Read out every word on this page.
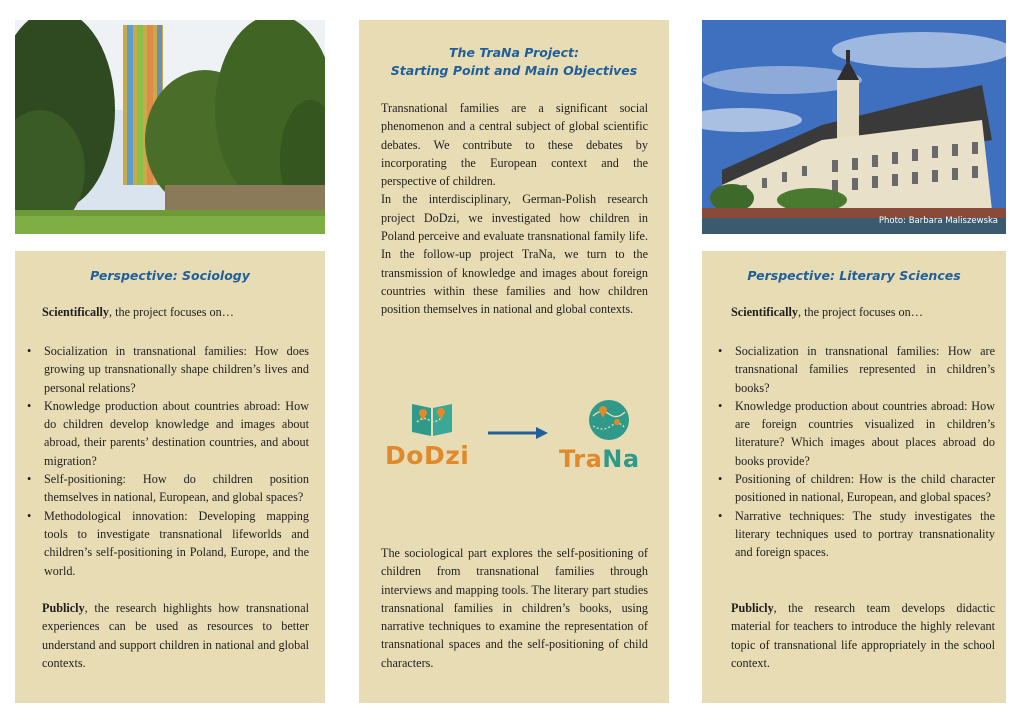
Photo: Barbara Maliszewska
Perspective: Sociology
Scientifically, the project focuses on…
• Socialization in transnational families: How does growing up transnationally shape children’s lives and personal relations?
• Knowledge production about countries abroad: How do children develop knowledge and images about abroad, their parents’ destination countries, and about migration?
• Self-positioning: How do children position themselves in national, European, and global spaces?
• Methodological innovation: Developing mapping tools to investigate transnational lifeworlds and children’s self-positioning in Poland, Europe, and the world.
Publicly, the research highlights how transnational experiences can be used as resources to better understand and support children in national and global contexts.
The TraNa Project:
Starting Point and Main Objectives

Transnational families are a significant social phenomenon and a central subject of global scientific debates. We contribute to these debates by incorporating the European context and the perspective of children.

In the interdisciplinary, German-Polish research project DoDzi, we investigated how children in Poland perceive and evaluate transnational family life. In the follow-up project TraNa, we turn to the transmission of knowledge and images about foreign countries within these families and how children position themselves in national and global contexts.

DoDzi	TraNa

The sociological part explores the self-positioning of children from transnational families through interviews and mapping tools. The literary part studies transnational families in children’s books, using narrative techniques to examine the representation of transnational spaces and the self-positioning of child characters.

Perspective: Literary Sciences
Scientifically, the project focuses on…
• Socialization in transnational families: How are transnational families represented in children’s books?
• Knowledge production about countries abroad: How are foreign countries visualized in children’s literature? Which images about places abroad do books provide?
• Positioning of children: How is the child character positioned in national, European, and global spaces?
• Narrative techniques: The study investigates the literary techniques used to portray transnationality and foreign spaces.
Publicly, the research team develops didactic material for teachers to introduce the highly relevant topic of transnational life appropriately in the school context.
